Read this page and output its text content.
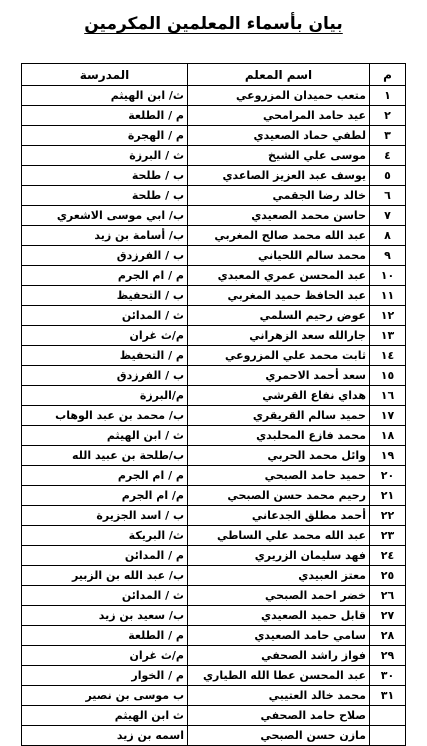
بيان بأسماء المعلمين المكرمين
م	اسم المعلم	المدرسة
١	متعب حميدان المزروعي	ث/ ابن الهيثم
٢	عيد حامد المرامحي	م / الطلعة
٣	لطفي حماد الصعيدي	م / الهجرة
٤	موسى علي الشيخ	ث / البرزة
٥	يوسف عبد العزيز الصاعدي	ب / طلحة
٦	خالد رضا الجقمي	ب / طلحة
٧	حاسن محمد الصعيدي	ب/ ابي موسى الاشعري
٨	عبد الله محمد صالح المغربي	ب/ أسامة بن زيد
٩	محمد سالم اللحياني	ب / الفرزدق
١٠	عبد المحسن عمري المعبدي	م / ام الجرم
١١	عبد الحافظ حميد المغربي	ب / التحفيظ
١٢	عوض رحيم السلمي	ث / المدائن
١٣	جارالله سعد الزهراني	م/ث غران
١٤	ثابت محمد علي المزروعي	م / التحفيظ
١٥	سعد أحمد الاحمري	ب / الفرزدق
١٦	هداي نفاع القرشي	م/البرزة
١٧	حميد سالم القريقري	ب/ محمد بن عبد الوهاب
١٨	محمد فازع المحلبدي	ث / ابن الهيثم
١٩	وائل محمد الحربي	ب/طلحة بن عبيد الله
٢٠	حميد حامد الصبحي	م / ام الجرم
٢١	رحيم محمد حسن الصبحي	م/ ام الجرم
٢٢	أحمد مطلق الجدعاني	ب / اسد الجزيرة
٢٣	عبد الله محمد علي الساطي	ث/ البريكة
٢٤	فهد سليمان الزريري	م / المدائن
٢٥	معتز العبيدي	ب/ عبد الله بن الزبير
٢٦	خضر احمد الصبحي	ث / المدائن
٢٧	قابل حميد الصعيدي	ب/ سعيد بن زيد
٢٨	سامي حامد الصعيدي	م / الطلعة
٢٩	فواز راشد الصحفي	م/ث غران
٣٠	عبد المحسن عطا الله الطياري	م / الخوار
٣١	محمد خالد العتيبي	ب موسى بن نصير
	صلاح حامد الصحفي	ث ابن الهيثم
	مازن حسن الصبحي	اسمه بن زيد
